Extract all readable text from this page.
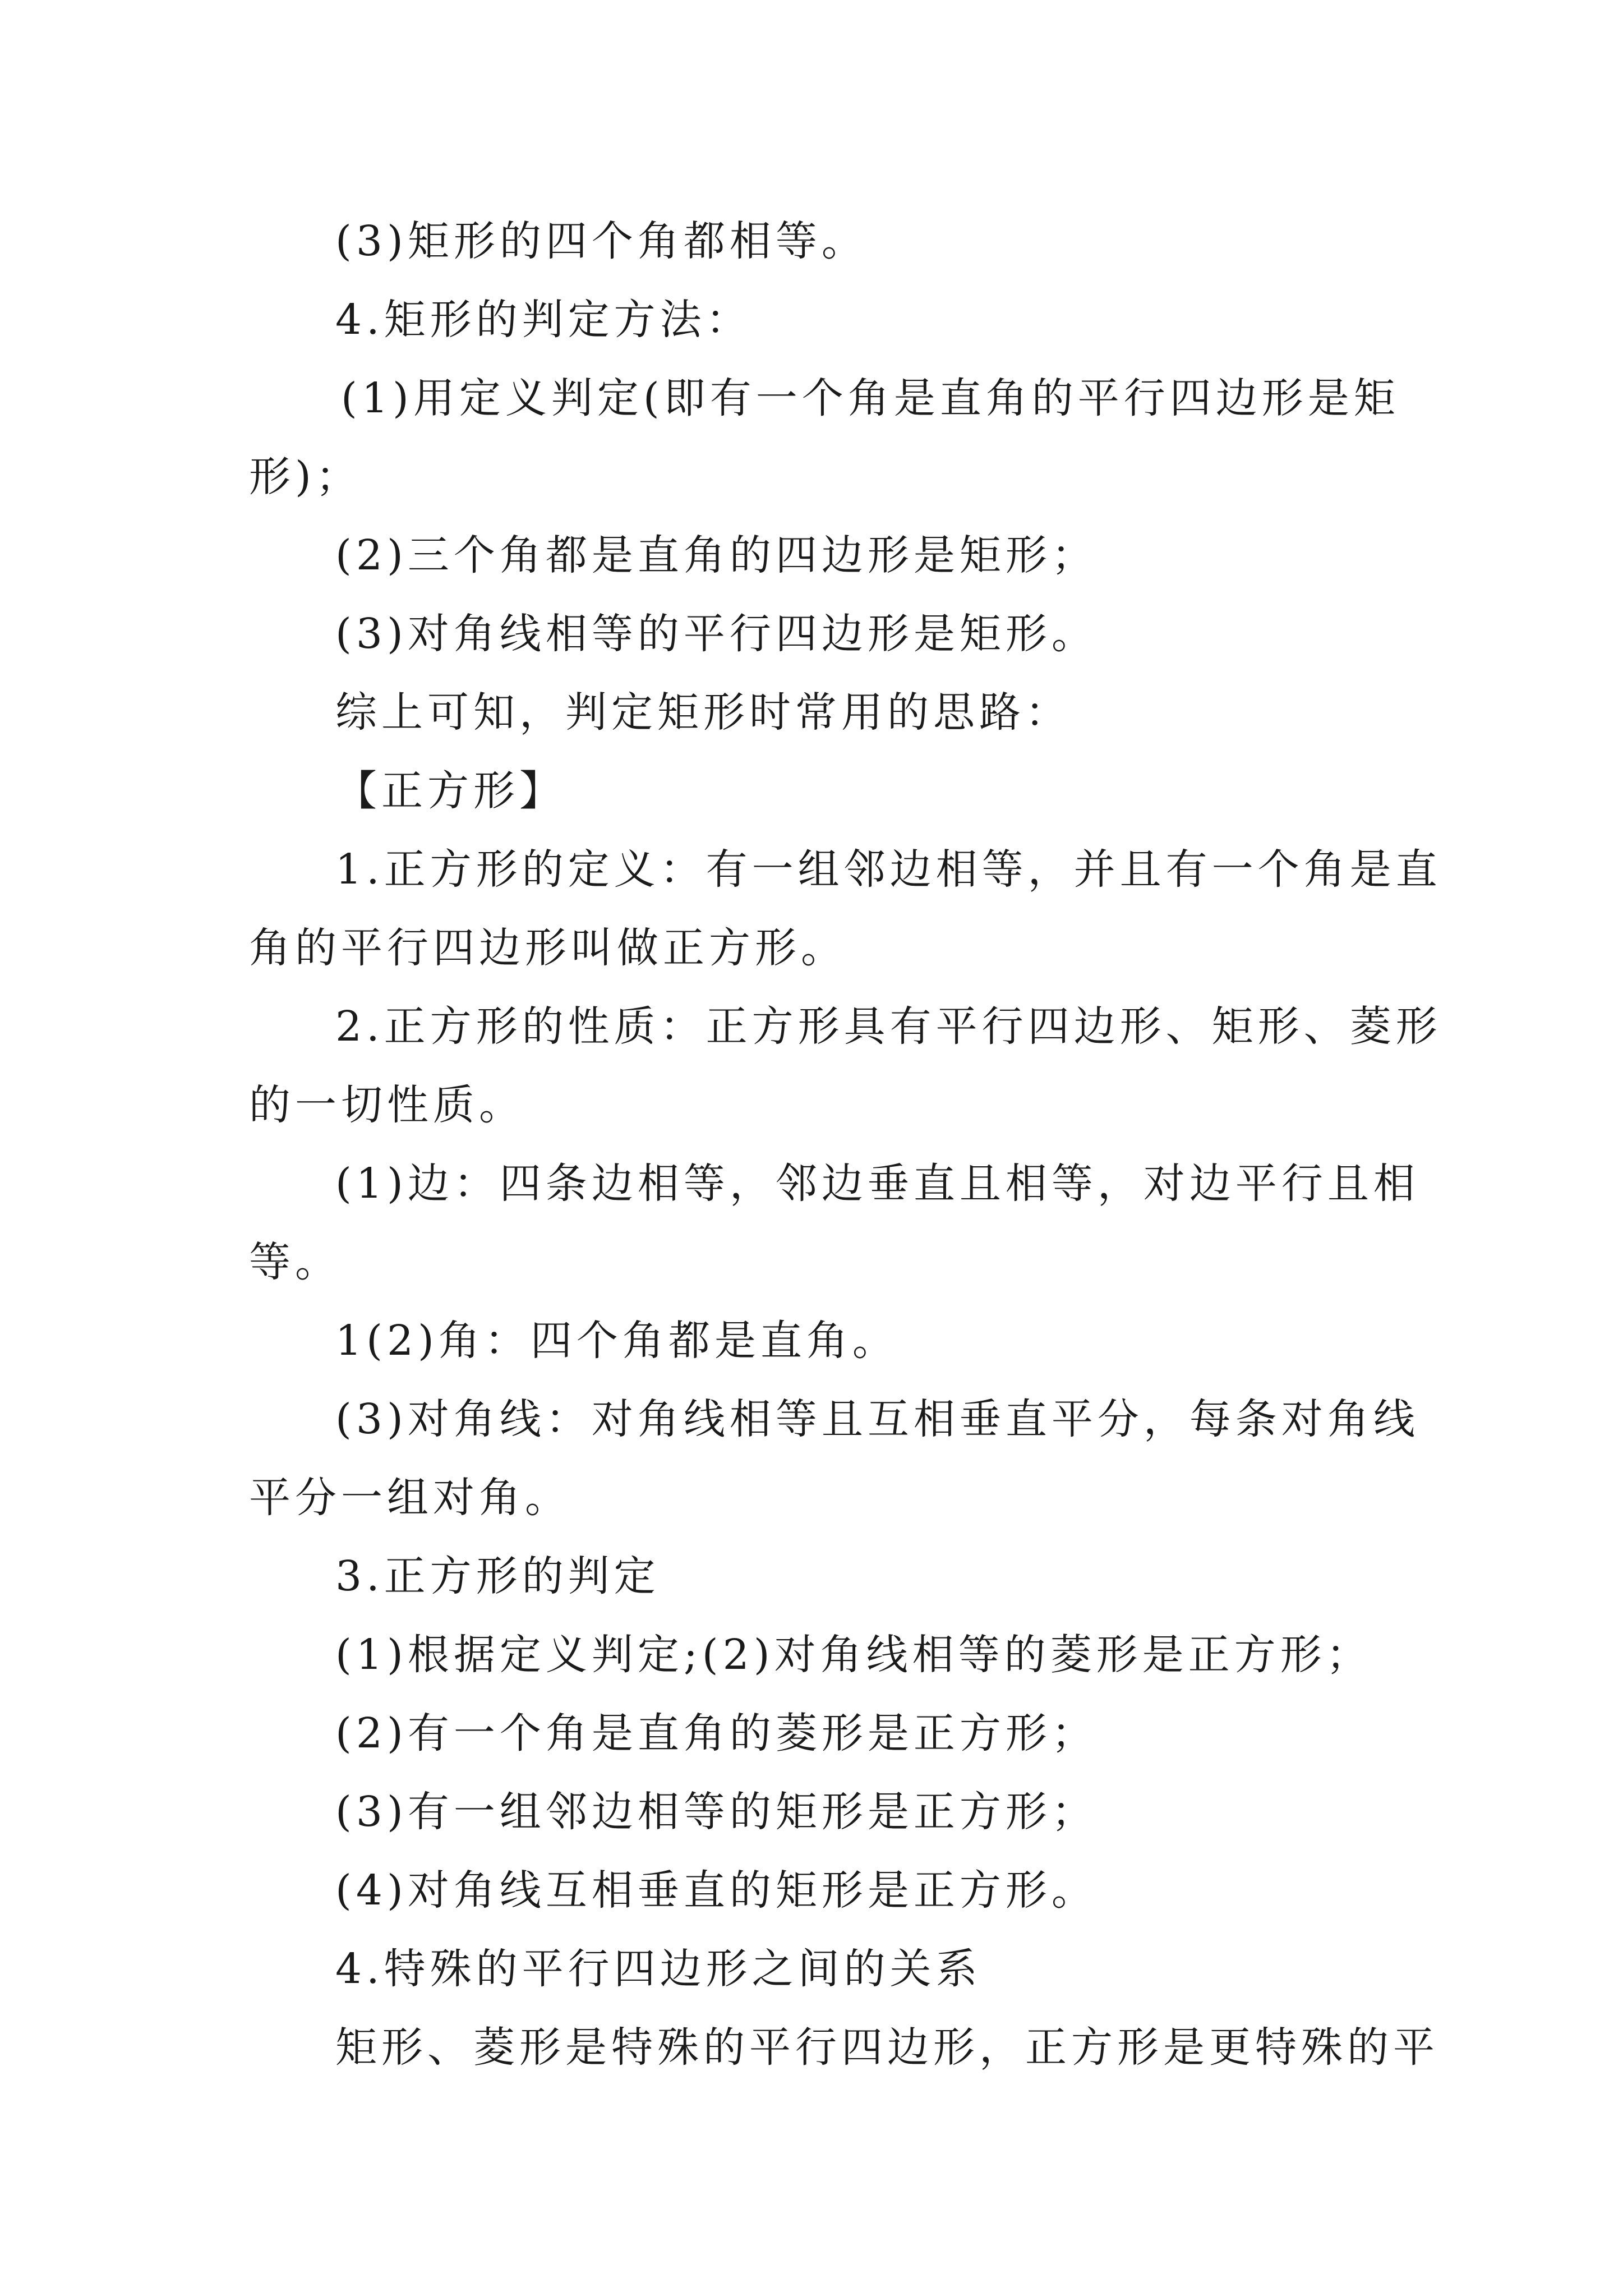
(3)矩形的四个角都相等。

4.矩形的判定方法：

(1)用定义判定(即有一个角是直角的平行四边形是矩

形)；

(2)三个角都是直角的四边形是矩形；

(3)对角线相等的平行四边形是矩形。

综上可知，判定矩形时常用的思路：

【正方形】

1.正方形的定义：有一组邻边相等，并且有一个角是直

角的平行四边形叫做正方形。

2.正方形的性质：正方形具有平行四边形、矩形、菱形

的一切性质。

(1)边：四条边相等，邻边垂直且相等，对边平行且相

等。

1(2)角：四个角都是直角。

(3)对角线：对角线相等且互相垂直平分，每条对角线

平分一组对角。

3.正方形的判定

(1)根据定义判定;(2)对角线相等的菱形是正方形；

(2)有一个角是直角的菱形是正方形；

(3)有一组邻边相等的矩形是正方形；

(4)对角线互相垂直的矩形是正方形。

4.特殊的平行四边形之间的关系

矩形、菱形是特殊的平行四边形，正方形是更特殊的平
